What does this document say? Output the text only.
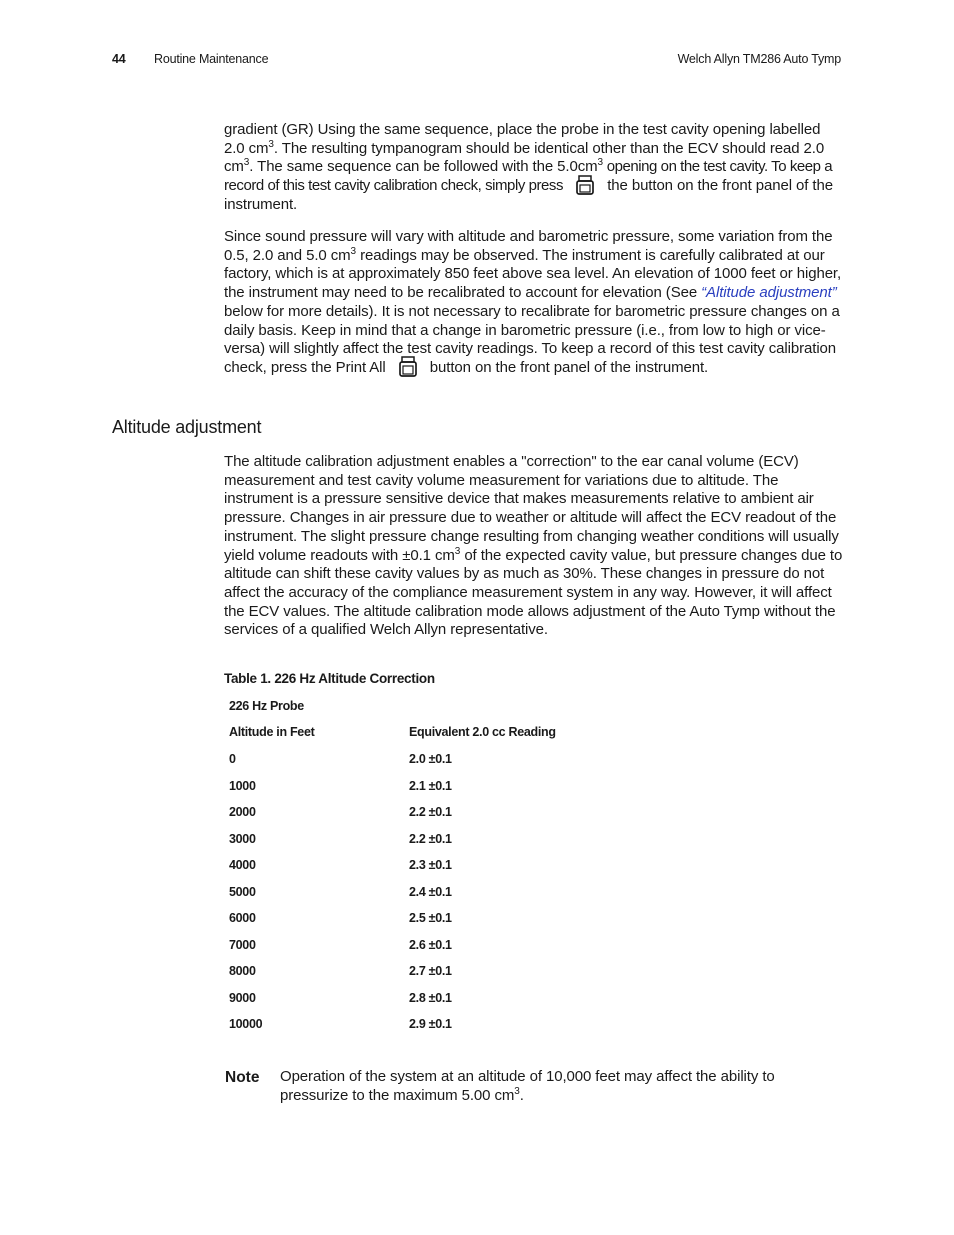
44 Routine Maintenance	Welch Allyn TM286 Auto Tymp

gradient (GR) Using the same sequence, place the probe in the test cavity opening labelled 2.0 $cm^3$. The resulting tympanogram should be identical other than the ECV should read 2.0 $cm^3$. The same sequence can be followed with the $5.0cm^3$ opening on the test cavity. To keep a record of this test cavity calibration check, simply press	the button on the front panel of the instrument.

Since sound pressure will vary with altitude and barometric pressure, some variation from the 0.5, 2.0 and 5.0 $cm^3$ readings may be observed. The instrument is carefully calibrated at our factory, which is at approximately 850 feet above sea level. An elevation of 1000 feet or higher, the instrument may need to be recalibrated to account for elevation (See “Altitude adjustment” below for more details). It is not necessary to recalibrate for barometric pressure changes on a daily basis. Keep in mind that a change in barometric pressure (i.e., from low to high or vice-versa) will slightly affect the test cavity readings. To keep a record of this test cavity calibration check, press the Print All	button on the front panel of the instrument.

Altitude adjustment

The altitude calibration adjustment enables a "correction" to the ear canal volume (ECV) measurement and test cavity volume measurement for variations due to altitude. The instrument is a pressure sensitive device that makes measurements relative to ambient air pressure. Changes in air pressure due to weather or altitude will affect the ECV readout of the instrument. The slight pressure change resulting from changing weather conditions will usually yield volume readouts with ±0.1 $cm^3$ of the expected cavity value, but pressure changes due to altitude can shift these cavity values by as much as 30%. These changes in pressure do not affect the accuracy of the compliance measurement system in any way. However, it will affect the ECV values. The altitude calibration mode allows adjustment of the Auto Tymp without the services of a qualified Welch Allyn representative.

Table 1. 226 Hz Altitude Correction
226 Hz Probe
Altitude in Feet	Equivalent 2.0 cc Reading
0	2.0 ±0.1
1000	2.1 ±0.1
2000	2.2 ±0.1
3000	2.2 ±0.1
4000	2.3 ±0.1
5000	2.4 ±0.1
6000	2.5 ±0.1
7000	2.6 ±0.1
8000	2.7 ±0.1
9000	2.8 ±0.1
10000	2.9 ±0.1
Note Operation of the system at an altitude of 10,000 feet may affect the ability to pressurize to the maximum 5.00 $cm^3$.
